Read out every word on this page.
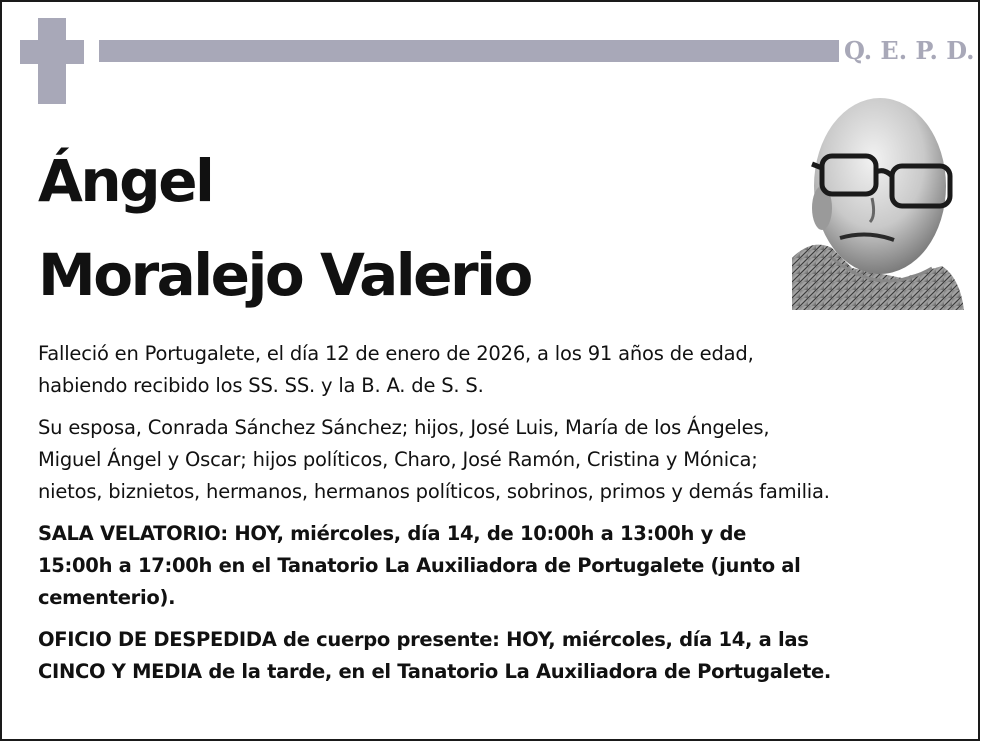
Q. E. P. D.
Ángel
Moralejo Valerio

Falleció en Portugalete, el día 12 de enero de 2026, a los 91 años de edad,
habiendo recibido los SS. SS. y la B. A. de S. S.

Su esposa, Conrada Sánchez Sánchez; hijos, José Luis, María de los Ángeles,
Miguel Ángel y Oscar; hijos políticos, Charo, José Ramón, Cristina y Mónica;
nietos, biznietos, hermanos, hermanos políticos, sobrinos, primos y demás familia.

SALA VELATORIO: HOY, miércoles, día 14, de 10:00h a 13:00h y de
15:00h a 17:00h en el Tanatorio La Auxiliadora de Portugalete (junto al
cementerio).

OFICIO DE DESPEDIDA de cuerpo presente: HOY, miércoles, día 14, a las
CINCO Y MEDIA de la tarde, en el Tanatorio La Auxiliadora de Portugalete.
